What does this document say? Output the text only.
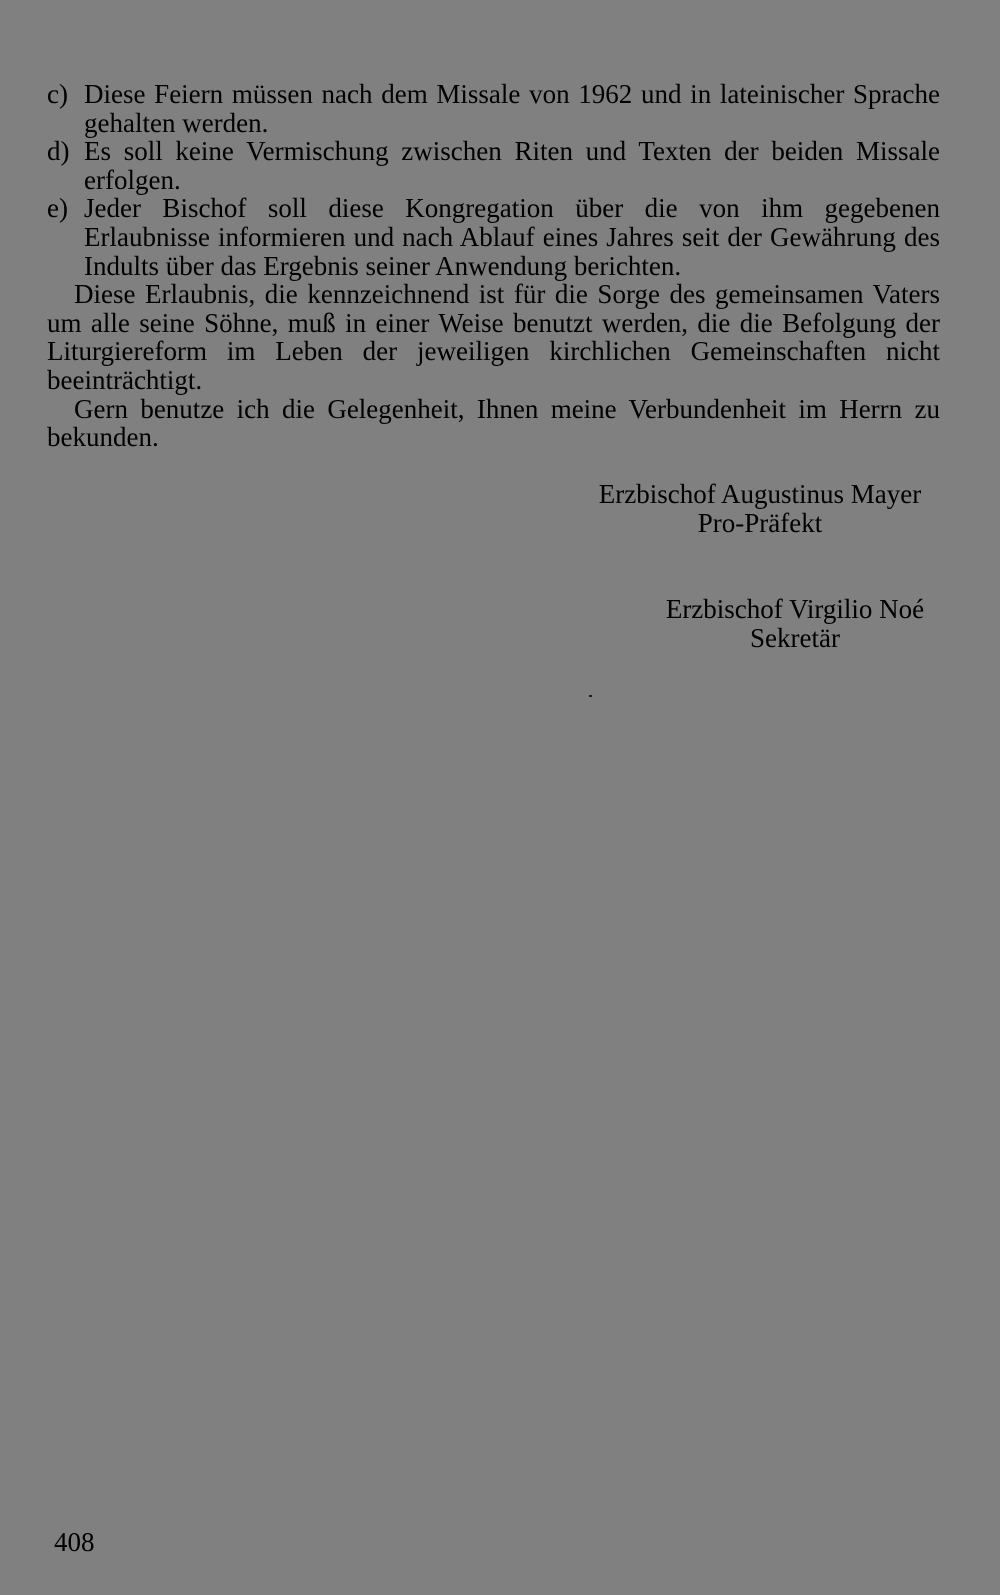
c) Diese Feiern müssen nach dem Missale von 1962 und in lateinischer Sprache gehalten werden.
d) Es soll keine Vermischung zwischen Riten und Texten der beiden Missale erfolgen.
e) Jeder Bischof soll diese Kongregation über die von ihm gegebenen Erlaubnisse informieren und nach Ablauf eines Jahres seit der Gewährung des Indults über das Ergebnis seiner Anwendung berichten.

Diese Erlaubnis, die kennzeichnend ist für die Sorge des gemeinsamen Vaters um alle seine Söhne, muß in einer Weise benutzt werden, die die Befolgung der Liturgiereform im Leben der jeweiligen kirchlichen Gemeinschaften nicht beeinträchtigt.

Gern benutze ich die Gelegenheit, Ihnen meine Verbundenheit im Herrn zu bekunden.

Erzbischof Augustinus Mayer
Pro-Präfekt
Erzbischof Virgilio Noé
Sekretär
408
